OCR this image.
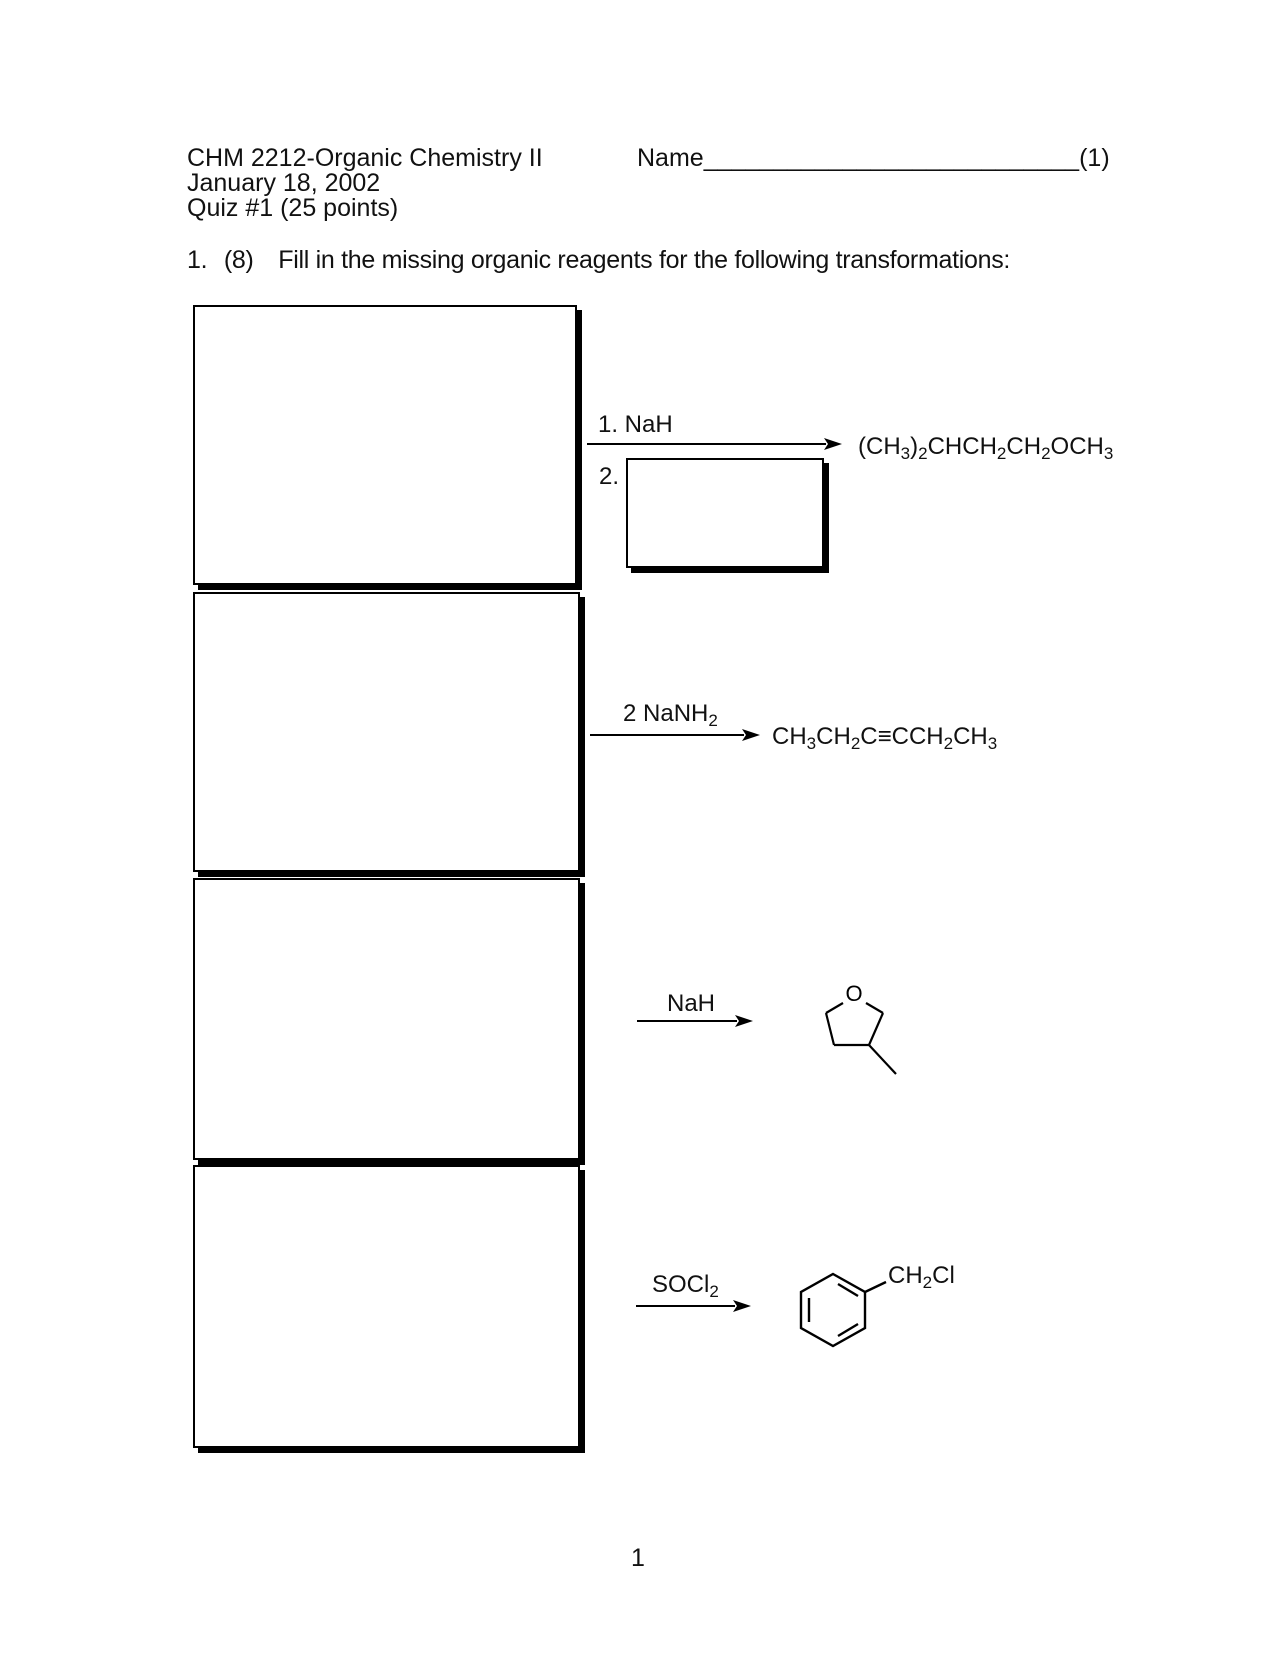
CHM 2212-Organic Chemistry II
January 18, 2002
Quiz #1 (25 points)
Name___________________________(1)
1. (8) Fill in the missing organic reagents for the following transformations:
1. NaH
2.
$(CH_3)_2CHCH_2CH_2OCH_3$
2 NaNH$_2$
$CH_3CH_2C\equiv CCH_2CH_3$
NaH	O
SOCl$_2$
$CH_2Cl$
1
